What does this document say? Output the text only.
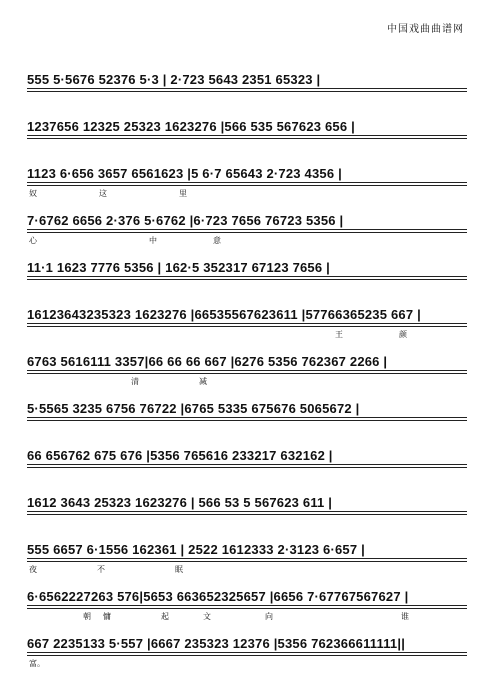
中国戏曲曲谱网
555 5·5676 52376 5·3 | 2·723 5643 2351 65323 |
1237656 12325 25323 1623276 |566 535 567623 656 |
1123 6·656 3657 6561623 |5 6·7 65643 2·723 4356 |
奴	这	里
7·6762 6656 2·376 5·6762 |6·723 7656 76723 5356 |
心	中	意
11·1 1623 7776 5356 | 162·5 352317 67123 7656 |
16123643235323 1623276 |66535567623611 |57766365235 667 |
王	颜
6763 5616111 3357|66 66 66 667 |6276 5356 762367 2266 |
清	减
5·5565 3235 6756 76722 |6765 5335 675676 5065672 |
66 656762 675 676 |5356 765616 233217 632162 |
1612 3643 25323 1623276 | 566 53 5 567623 611 |
555 6657 6·1556 162361 | 2522 1612333 2·3123 6·657 |
夜	不	眠
6·6562227263 576|5653 663652325657 |6656 7·67767567627 |
朝 慵	起	文	向	谁
667 2235133 5·557 |6667 235323 12376 |5356 762366611111||
富。
